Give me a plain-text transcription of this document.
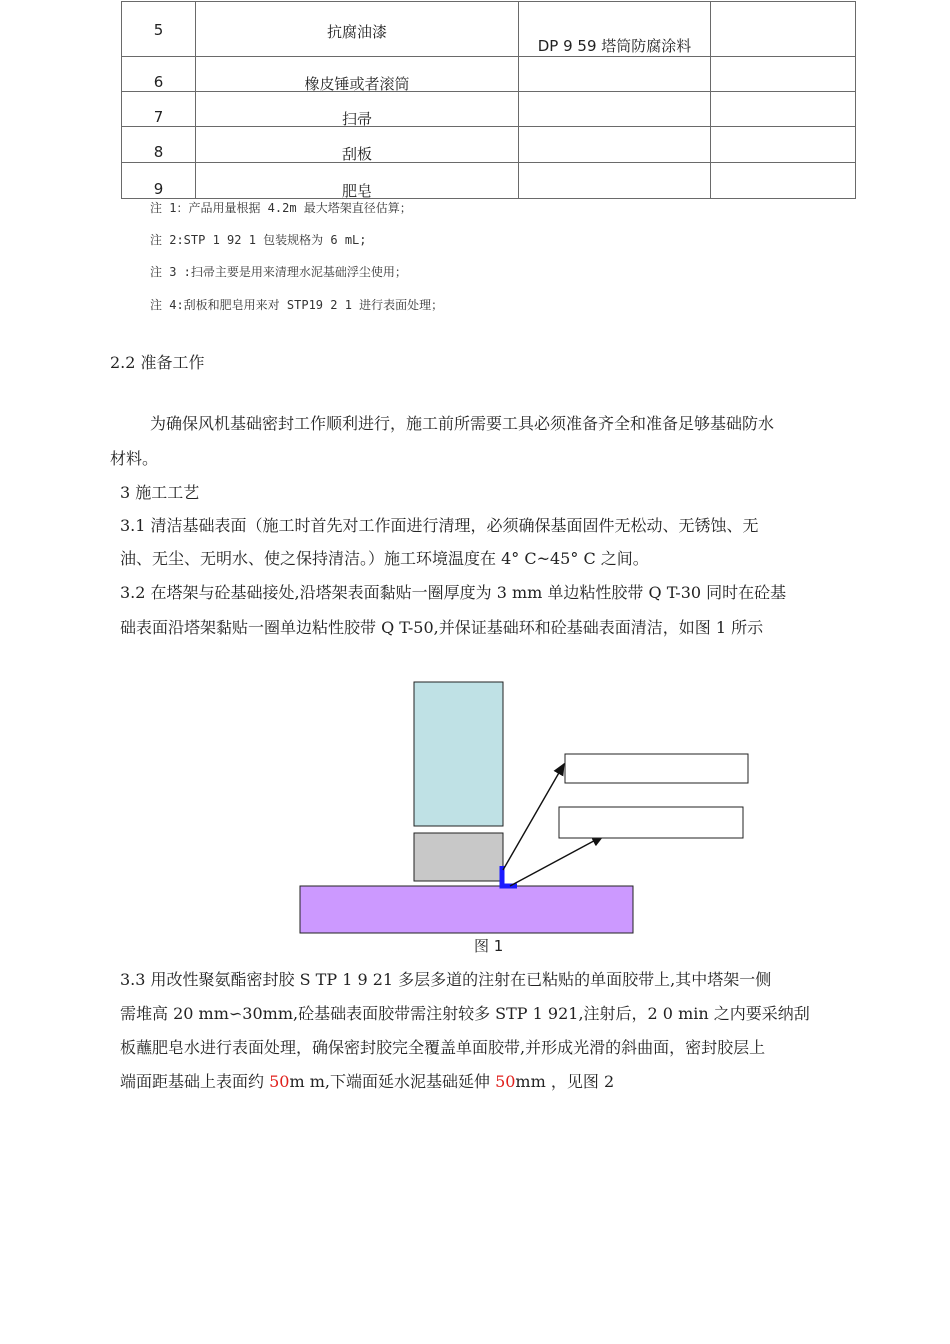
5	抗腐油漆	DP 9 59 塔筒防腐涂料	

6	橡皮锤或者滚筒		

7	扫帚		

8	刮板		

9	肥皂		

注 1：产品用量根据 4.2m 最大塔架直径估算；
注 2:STP 1 92 1 包装规格为 6 mL;
注 3 :扫帚主要是用来清理水泥基础浮尘使用；
注 4:刮板和肥皂用来对 STP19 2 1 进行表面处理；
2.2 准备工作
为确保风机基础密封工作顺利进行，施工前所需要工具必须准备齐全和准备足够基础防水
材料。
3 施工工艺
3.1 清洁基础表面（施工时首先对工作面进行清理，必须确保基面固件无松动、无锈蚀、无
油、无尘、无明水、使之保持清洁。）施工环境温度在 4° C~45° C 之间。
3.2 在塔架与砼基础接处,沿塔架表面黏贴一圈厚度为 3 mm 单边粘性胶带 Q T-30 同时在砼基
础表面沿塔架黏贴一圈单边粘性胶带 Q T-50,并保证基础环和砼基础表面清洁，如图 1 所示
图 1
3.3 用改性聚氨酯密封胶 S TP 1 9 21 多层多道的注射在已粘贴的单面胶带上,其中塔架一侧
需堆高 20 mm∽30mm,砼基础表面胶带需注射较多 STP 1 921,注射后，2 0 min 之内要采纳刮
板蘸肥皂水进行表面处理，确保密封胶完全覆盖单面胶带,并形成光滑的斜曲面，密封胶层上
端面距基础上表面约 50m m,下端面延水泥基础延伸 50mm ，见图 2
